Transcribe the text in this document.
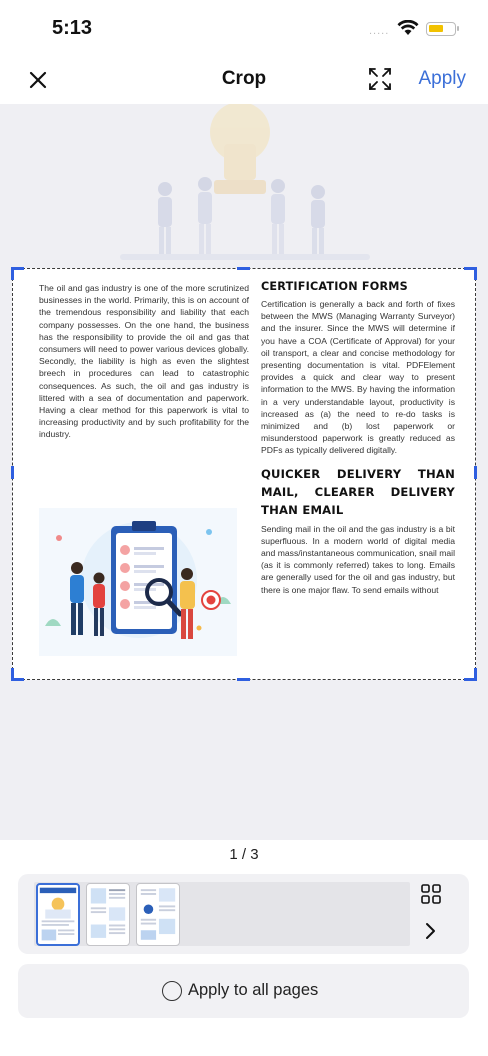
5:13	.....
Crop	Apply

The oil and gas industry is one of the more scrutinized businesses in the world. Primarily, this is on account of the tremendous responsibility and liability that each company possesses. On the one hand, the business has the responsibility to provide the oil and gas that consumers will need to power various devices globally. Secondly, the liability is high as even the slightest breech in procedures can lead to catastrophic consequences. As such, the oil and gas industry is littered with a sea of documentation and paperwork. Having a clear method for this paperwork is vital to increasing productivity and by such profitability for the industry.

CERTIFICATION FORMS

Certification is generally a back and forth of fixes between the MWS (Managing Warranty Surveyor) and the insurer. Since the MWS will determine if you have a COA (Certificate of Approval) for your oil transport, a clear and concise methodology for presenting documentation is vital. PDFElement provides a quick and clear way to present information to the MWS. By having the information in a very understandable layout, productivity is increased as (a) the need to re-do tasks is minimized and (b) lost paperwork or misunderstood paperwork is greatly reduced as PDFs as typically delivered digitally.

QUICKER DELIVERY THAN MAIL, CLEARER DELIVERY THAN EMAIL

Sending mail in the oil and the gas industry is a bit superfluous. In a modern world of digital media and mass/instantaneous communication, snail mail (as it is commonly referred) takes to long. Emails are generally used for the oil and gas industry, but there is one major flaw. To send emails without

1 / 3
Apply to all pages
